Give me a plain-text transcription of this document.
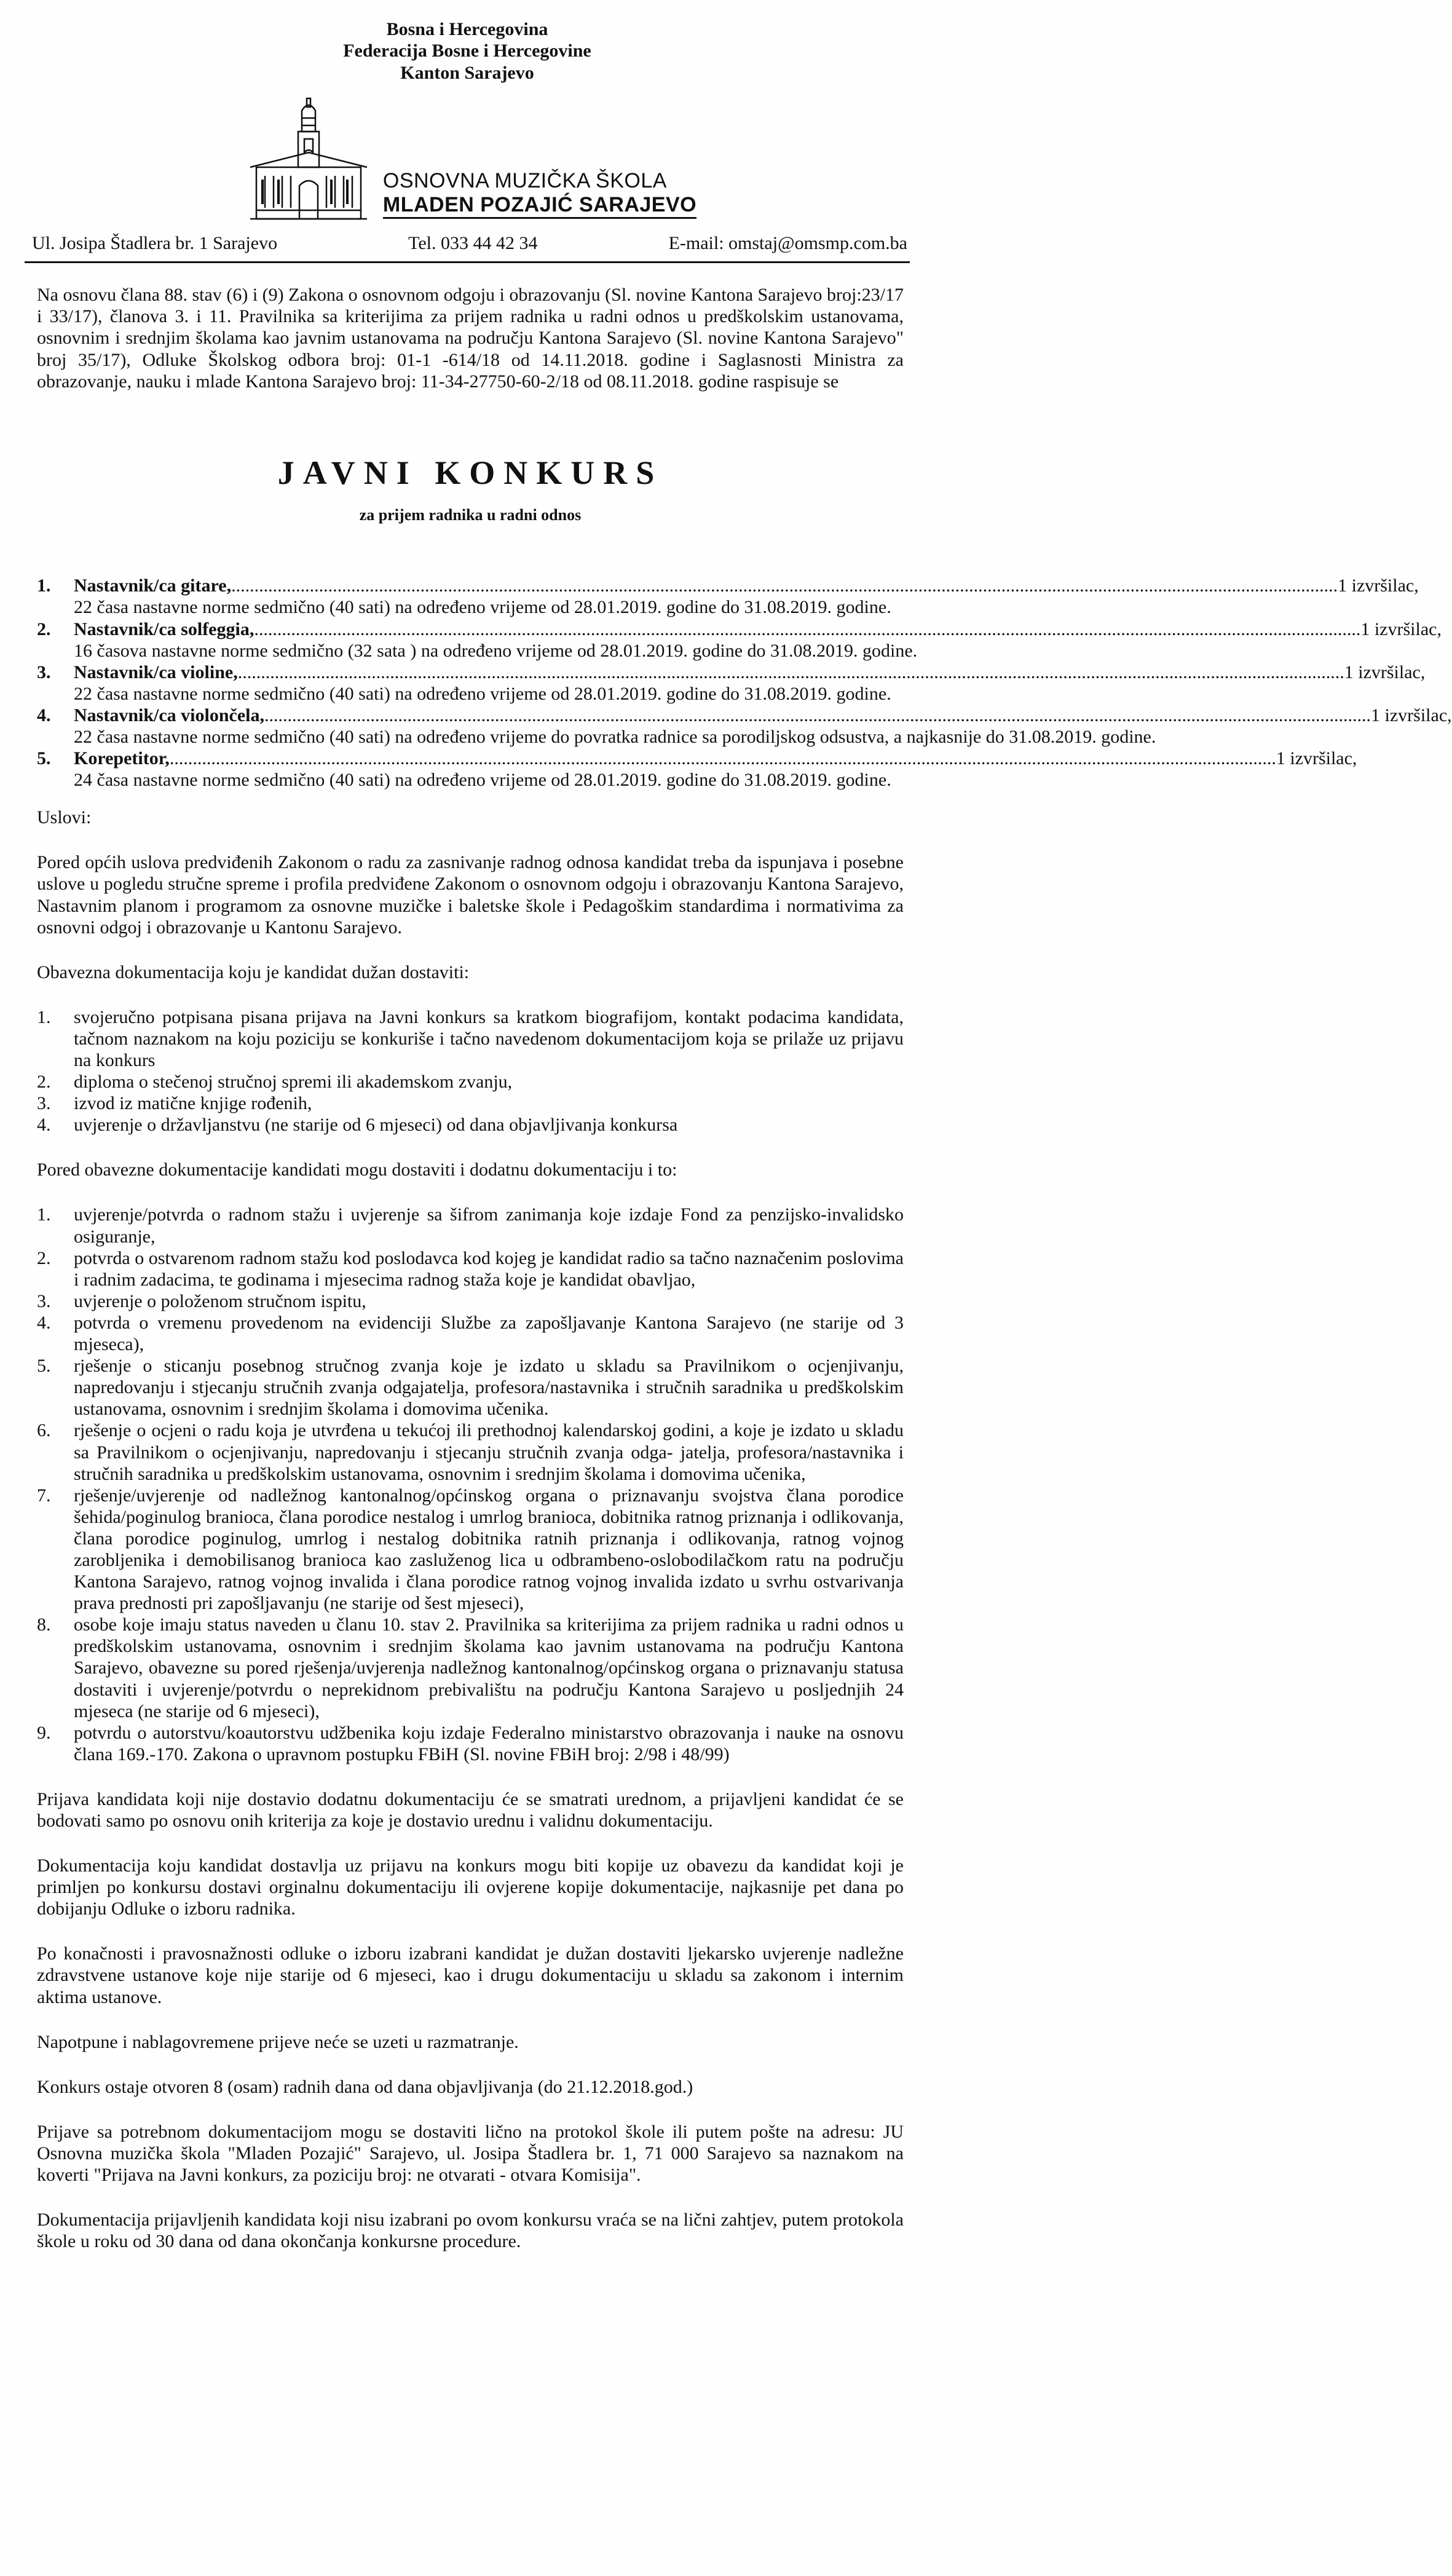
Bosna i Hercegovina
Federacija Bosne i Hercegovine
Kanton Sarajevo
OSNOVNA MUZIČKA ŠKOLA
MLADEN POZAJIĆ SARAJEVO
Ul. Josipa Štadlera br. 1 Sarajevo	Tel. 033 44 42 34	E-mail: omstaj@omsmp.com.ba

Na osnovu člana 88. stav (6) i (9) Zakona o osnovnom odgoju i obrazovanju (Sl. novine Kantona Sarajevo broj:23/17 i 33/17), članova 3. i 11. Pravilnika sa kriterijima za prijem radnika u radni odnos u predškolskim ustanovama, osnovnim i srednjim školama kao javnim ustanovama na području Kantona Sarajevo (Sl. novine Kantona Sarajevo" broj 35/17), Odluke Školskog odbora broj: 01-1 -614/18 od 14.11.2018. godine i Saglasnosti Ministra za obrazovanje, nauku i mlade Kantona Sarajevo broj: 11-34-27750-60-2/18 od 08.11.2018. godine raspisuje se

JAVNI KONKURS
za prijem radnika u radni odnos
1.	Nastavnik/ca gitare, .....	1 izvršilac,
22 časa nastavne norme sedmično (40 sati) na određeno vrijeme od 28.01.2019. godine do 31.08.2019. godine.
2.	Nastavnik/ca solfeggia, .....	1 izvršilac,
16 časova nastavne norme sedmično (32 sata ) na određeno vrijeme od 28.01.2019. godine do 31.08.2019. godine.
3.	Nastavnik/ca violine, .....	1 izvršilac,
22 časa nastavne norme sedmično (40 sati) na određeno vrijeme od 28.01.2019. godine do 31.08.2019. godine.
4.	Nastavnik/ca violončela, .....	1 izvršilac,
22 časa nastavne norme sedmično (40 sati) na određeno vrijeme do povratka radnice sa porodiljskog odsustva, a najkasnije do 31.08.2019. godine.
5.	Korepetitor, .....	1 izvršilac,
24 časa nastavne norme sedmično (40 sati) na određeno vrijeme od 28.01.2019. godine do 31.08.2019. godine.

Uslovi:

Pored općih uslova predviđenih Zakonom o radu za zasnivanje radnog odnosa kandidat treba da ispunjava i posebne uslove u pogledu stručne spreme i profila predviđene Zakonom o osnovnom odgoju i obrazovanju Kantona Sarajevo, Nastavnim planom i programom za osnovne muzičke i baletske škole i Pedagoškim standardima i normativima za osnovni odgoj i obrazovanje u Kantonu Sarajevo.

Obavezna dokumentacija koju je kandidat dužan dostaviti:

1.	svojeručno potpisana pisana prijava na Javni konkurs sa kratkom biografijom, kontakt podacima kandidata, tačnom naznakom na koju poziciju se konkuriše i tačno navedenom dokumentacijom koja se prilaže uz prijavu na konkurs
2.	diploma o stečenoj stručnoj spremi ili akademskom zvanju,
3.	izvod iz matične knjige rođenih,
4.	uvjerenje o državljanstvu (ne starije od 6 mjeseci) od dana objavljivanja konkursa

Pored obavezne dokumentacije kandidati mogu dostaviti i dodatnu dokumentaciju i to:

1.	uvjerenje/potvrda o radnom stažu i uvjerenje sa šifrom zanimanja koje izdaje Fond za penzijsko-invalidsko osiguranje,
2.	potvrda o ostvarenom radnom stažu kod poslodavca kod kojeg je kandidat radio sa tačno naznačenim poslovima i radnim zadacima, te godinama i mjesecima radnog staža koje je kandidat obavljao,
3.	uvjerenje o položenom stručnom ispitu,
4.	potvrda o vremenu provedenom na evidenciji Službe za zapošljavanje Kantona Sarajevo (ne starije od 3 mjeseca),
5.	rješenje o sticanju posebnog stručnog zvanja koje je izdato u skladu sa Pravilnikom o ocjenjivanju, napredovanju i stjecanju stručnih zvanja odgajatelja, profesora/nastavnika i stručnih saradnika u predškolskim ustanovama, osnovnim i srednjim školama i domovima učenika.
6.	rješenje o ocjeni o radu koja je utvrđena u tekućoj ili prethodnoj kalendarskoj godini, a koje je izdato u skladu sa Pravilnikom o ocjenjivanju, napredovanju i stjecanju stručnih zvanja odga- jatelja, profesora/nastavnika i stručnih saradnika u predškolskim ustanovama, osnovnim i srednjim školama i domovima učenika,
7.	rješenje/uvjerenje od nadležnog kantonalnog/općinskog organa o priznavanju svojstva člana porodice šehida/poginulog branioca, člana porodice nestalog i umrlog branioca, dobitnika ratnog priznanja i odlikovanja, člana porodice poginulog, umrlog i nestalog dobitnika ratnih priznanja i odlikovanja, ratnog vojnog zarobljenika i demobilisanog branioca kao zasluženog lica u odbrambeno-oslobodilačkom ratu na području Kantona Sarajevo, ratnog vojnog invalida i člana porodice ratnog vojnog invalida izdato u svrhu ostvarivanja prava prednosti pri zapošljavanju (ne starije od šest mjeseci),
8.	osobe koje imaju status naveden u članu 10. stav 2. Pravilnika sa kriterijima za prijem radnika u radni odnos u predškolskim ustanovama, osnovnim i srednjim školama kao javnim ustanovama na području Kantona Sarajevo, obavezne su pored rješenja/uvjerenja nadležnog kantonalnog/općinskog organa o priznavanju statusa dostaviti i uvjerenje/potvrdu o neprekidnom prebivalištu na području Kantona Sarajevo u posljednjih 24 mjeseca (ne starije od 6 mjeseci),
9.	potvrdu o autorstvu/koautorstvu udžbenika koju izdaje Federalno ministarstvo obrazovanja i nauke na osnovu člana 169.-170. Zakona o upravnom postupku FBiH (Sl. novine FBiH broj: 2/98 i 48/99)

Prijava kandidata koji nije dostavio dodatnu dokumentaciju će se smatrati urednom, a prijavljeni kandidat će se bodovati samo po osnovu onih kriterija za koje je dostavio urednu i validnu dokumentaciju.

Dokumentacija koju kandidat dostavlja uz prijavu na konkurs mogu biti kopije uz obavezu da kandidat koji je primljen po konkursu dostavi orginalnu dokumentaciju ili ovjerene kopije dokumentacije, najkasnije pet dana po dobijanju Odluke o izboru radnika.

Po konačnosti i pravosnažnosti odluke o izboru izabrani kandidat je dužan dostaviti ljekarsko uvjerenje nadležne zdravstvene ustanove koje nije starije od 6 mjeseci, kao i drugu dokumentaciju u skladu sa zakonom i internim aktima ustanove.

Napotpune i nablagovremene prijeve neće se uzeti u razmatranje.

Konkurs ostaje otvoren 8 (osam) radnih dana od dana objavljivanja (do 21.12.2018.god.)

Prijave sa potrebnom dokumentacijom mogu se dostaviti lično na protokol škole ili putem pošte na adresu: JU Osnovna muzička škola "Mladen Pozajić" Sarajevo, ul. Josipa Štadlera br. 1, 71 000 Sarajevo sa naznakom na koverti "Prijava na Javni konkurs, za poziciju broj: ne otvarati - otvara Komisija".

Dokumentacija prijavljenih kandidata koji nisu izabrani po ovom konkursu vraća se na lični zahtjev, putem protokola škole u roku od 30 dana od dana okončanja konkursne procedure.
